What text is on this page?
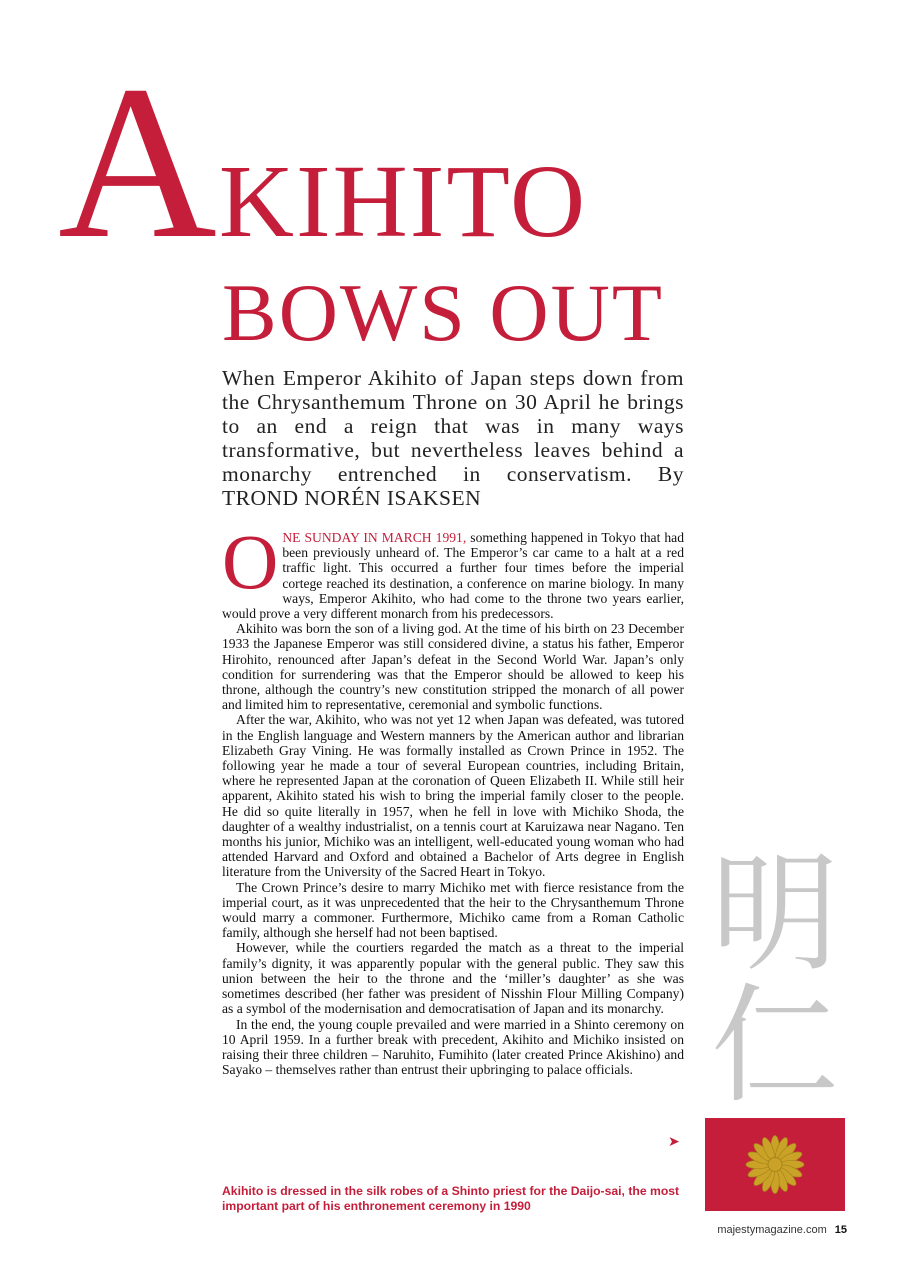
Akihito
BOWS OUT
When Emperor Akihito of Japan steps down from the Chrysanthemum Throne on 30 April he brings to an end a reign that was in many ways transformative, but nevertheless leaves behind a monarchy entrenched in conservatism. By TROND NORÉN ISAKSEN

ONE SUNDAY IN MARCH 1991, something happened in Tokyo that had been previously unheard of. The Emperor’s car came to a halt at a red traffic light. This occurred a further four times before the imperial cortege reached its destination, a conference on marine biology. In many ways, Emperor Akihito, who had come to the throne two years earlier, would prove a very different monarch from his predecessors.

Akihito was born the son of a living god. At the time of his birth on 23 December 1933 the Japanese Emperor was still considered divine, a status his father, Emperor Hirohito, renounced after Japan’s defeat in the Second World War. Japan’s only condition for surrendering was that the Emperor should be allowed to keep his throne, although the country’s new constitution stripped the monarch of all power and limited him to representative, ceremonial and symbolic functions.

After the war, Akihito, who was not yet 12 when Japan was defeated, was tutored in the English language and Western manners by the American author and librarian Elizabeth Gray Vining. He was formally installed as Crown Prince in 1952. The following year he made a tour of several European countries, including Britain, where he represented Japan at the coronation of Queen Elizabeth II. While still heir apparent, Akihito stated his wish to bring the imperial family closer to the people. He did so quite literally in 1957, when he fell in love with Michiko Shoda, the daughter of a wealthy industrialist, on a tennis court at Karuizawa near Nagano. Ten months his junior, Michiko was an intelligent, well-educated young woman who had attended Harvard and Oxford and obtained a Bachelor of Arts degree in English literature from the University of the Sacred Heart in Tokyo.

The Crown Prince’s desire to marry Michiko met with fierce resistance from the imperial court, as it was unprecedented that the heir to the Chrysanthemum Throne would marry a commoner. Furthermore, Michiko came from a Roman Catholic family, although she herself had not been baptised.

However, while the courtiers regarded the match as a threat to the imperial family’s dignity, it was apparently popular with the general public. They saw this union between the heir to the throne and the ‘miller’s daughter’ as she was sometimes described (her father was president of Nisshin Flour Milling Company) as a symbol of the modernisation and democratisation of Japan and its monarchy.

In the end, the young couple prevailed and were married in a Shinto ceremony on 10 April 1959. In a further break with precedent, Akihito and Michiko insisted on raising their three children – Naruhito, Fumihito (later created Prince Akishino) and Sayako – themselves rather than entrust their upbringing to palace officials.

➤
明
仁
Akihito is dressed in the silk robes of a Shinto priest for the Daijo-sai, the most important part of his enthronement ceremony in 1990
majestymagazine.com 15
